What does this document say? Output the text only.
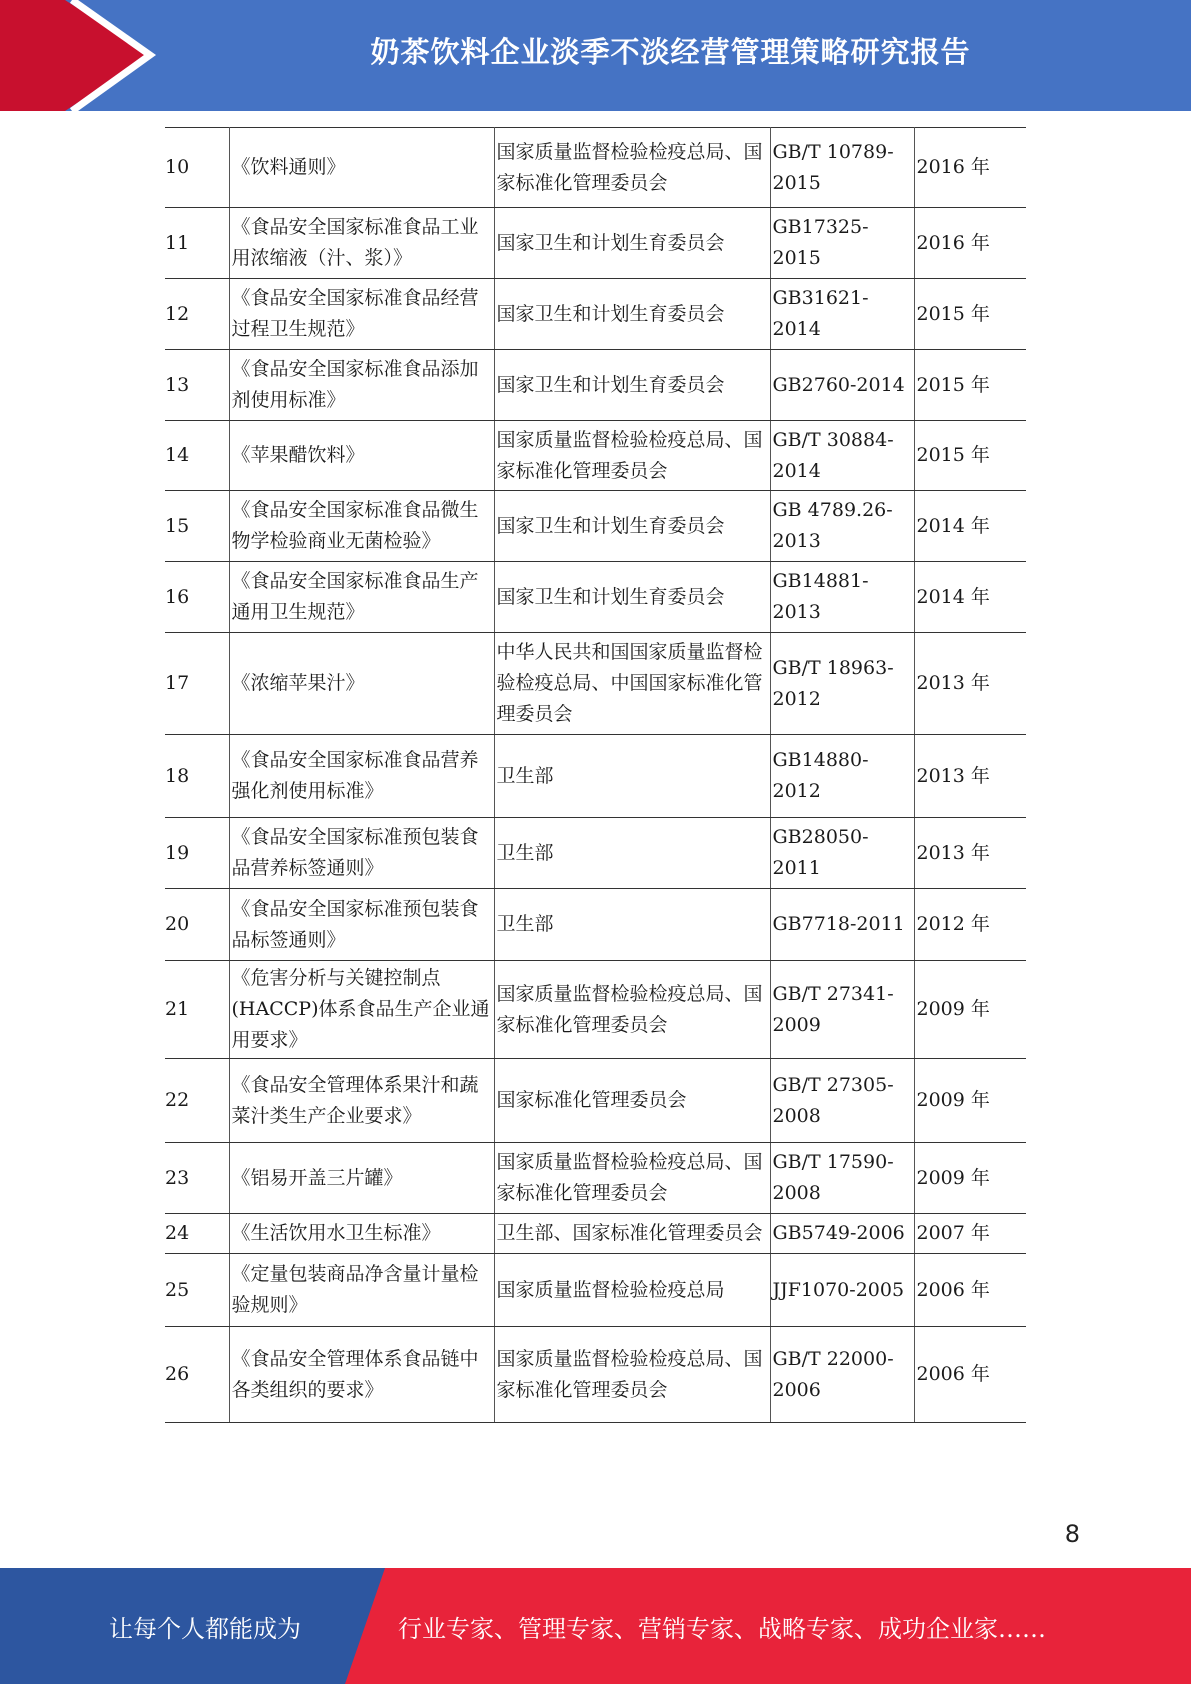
奶茶饮料企业淡季不淡经营管理策略研究报告
10	《饮料通则》	国家质量监督检验检疫总局、国家标准化管理委员会	GB/T 10789-2015	2016 年
11	《食品安全国家标准食品工业用浓缩液（汁、浆）》	国家卫生和计划生育委员会	GB17325-2015	2016 年
12	《食品安全国家标准食品经营过程卫生规范》	国家卫生和计划生育委员会	GB31621-2014	2015 年
13	《食品安全国家标准食品添加剂使用标准》	国家卫生和计划生育委员会	GB2760-2014	2015 年
14	《苹果醋饮料》	国家质量监督检验检疫总局、国家标准化管理委员会	GB/T 30884-2014	2015 年
15	《食品安全国家标准食品微生物学检验商业无菌检验》	国家卫生和计划生育委员会	GB 4789.26-2013	2014 年
16	《食品安全国家标准食品生产通用卫生规范》	国家卫生和计划生育委员会	GB14881-2013	2014 年
17	《浓缩苹果汁》	中华人民共和国国家质量监督检验检疫总局、中国国家标准化管理委员会	GB/T 18963-2012	2013 年
18	《食品安全国家标准食品营养强化剂使用标准》	卫生部	GB14880-2012	2013 年
19	《食品安全国家标准预包装食品营养标签通则》	卫生部	GB28050-2011	2013 年
20	《食品安全国家标准预包装食品标签通则》	卫生部	GB7718-2011	2012 年
21	《危害分析与关键控制点(HACCP)体系食品生产企业通用要求》	国家质量监督检验检疫总局、国家标准化管理委员会	GB/T 27341-2009	2009 年
22	《食品安全管理体系果汁和蔬菜汁类生产企业要求》	国家标准化管理委员会	GB/T 27305-2008	2009 年
23	《铝易开盖三片罐》	国家质量监督检验检疫总局、国家标准化管理委员会	GB/T 17590-2008	2009 年
24	《生活饮用水卫生标准》	卫生部、国家标准化管理委员会	GB5749-2006	2007 年
25	《定量包装商品净含量计量检验规则》	国家质量监督检验检疫总局	JJF1070-2005	2006 年
26	《食品安全管理体系食品链中各类组织的要求》	国家质量监督检验检疫总局、国家标准化管理委员会	GB/T 22000-2006	2006 年
8
让每个人都能成为	行业专家、管理专家、营销专家、战略专家、成功企业家……
